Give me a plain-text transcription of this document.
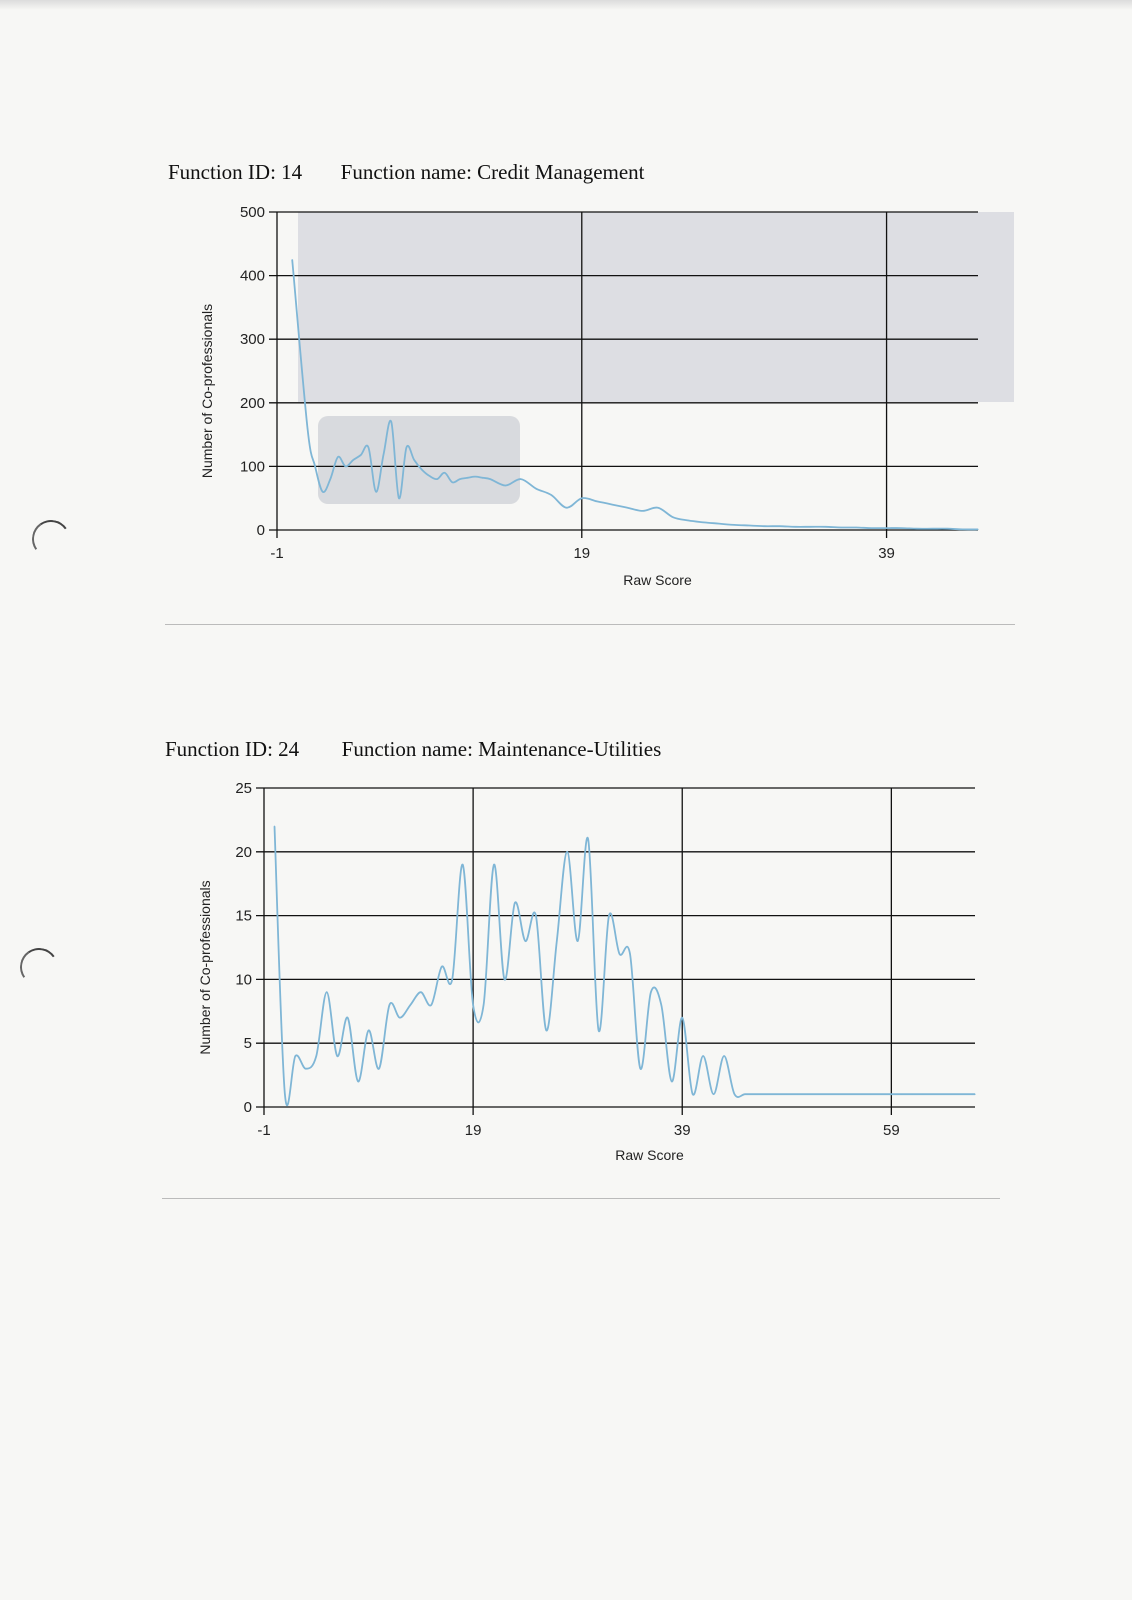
Function ID: 14 Function name: Credit Management
0
100
200
300
400
500
-1	19	39
Raw Score
Number of Co-professionals
Function ID: 24 Function name: Maintenance-Utilities
0
5
10
15
20
25
-1	19	39	59
Raw Score
Number of Co-professionals
